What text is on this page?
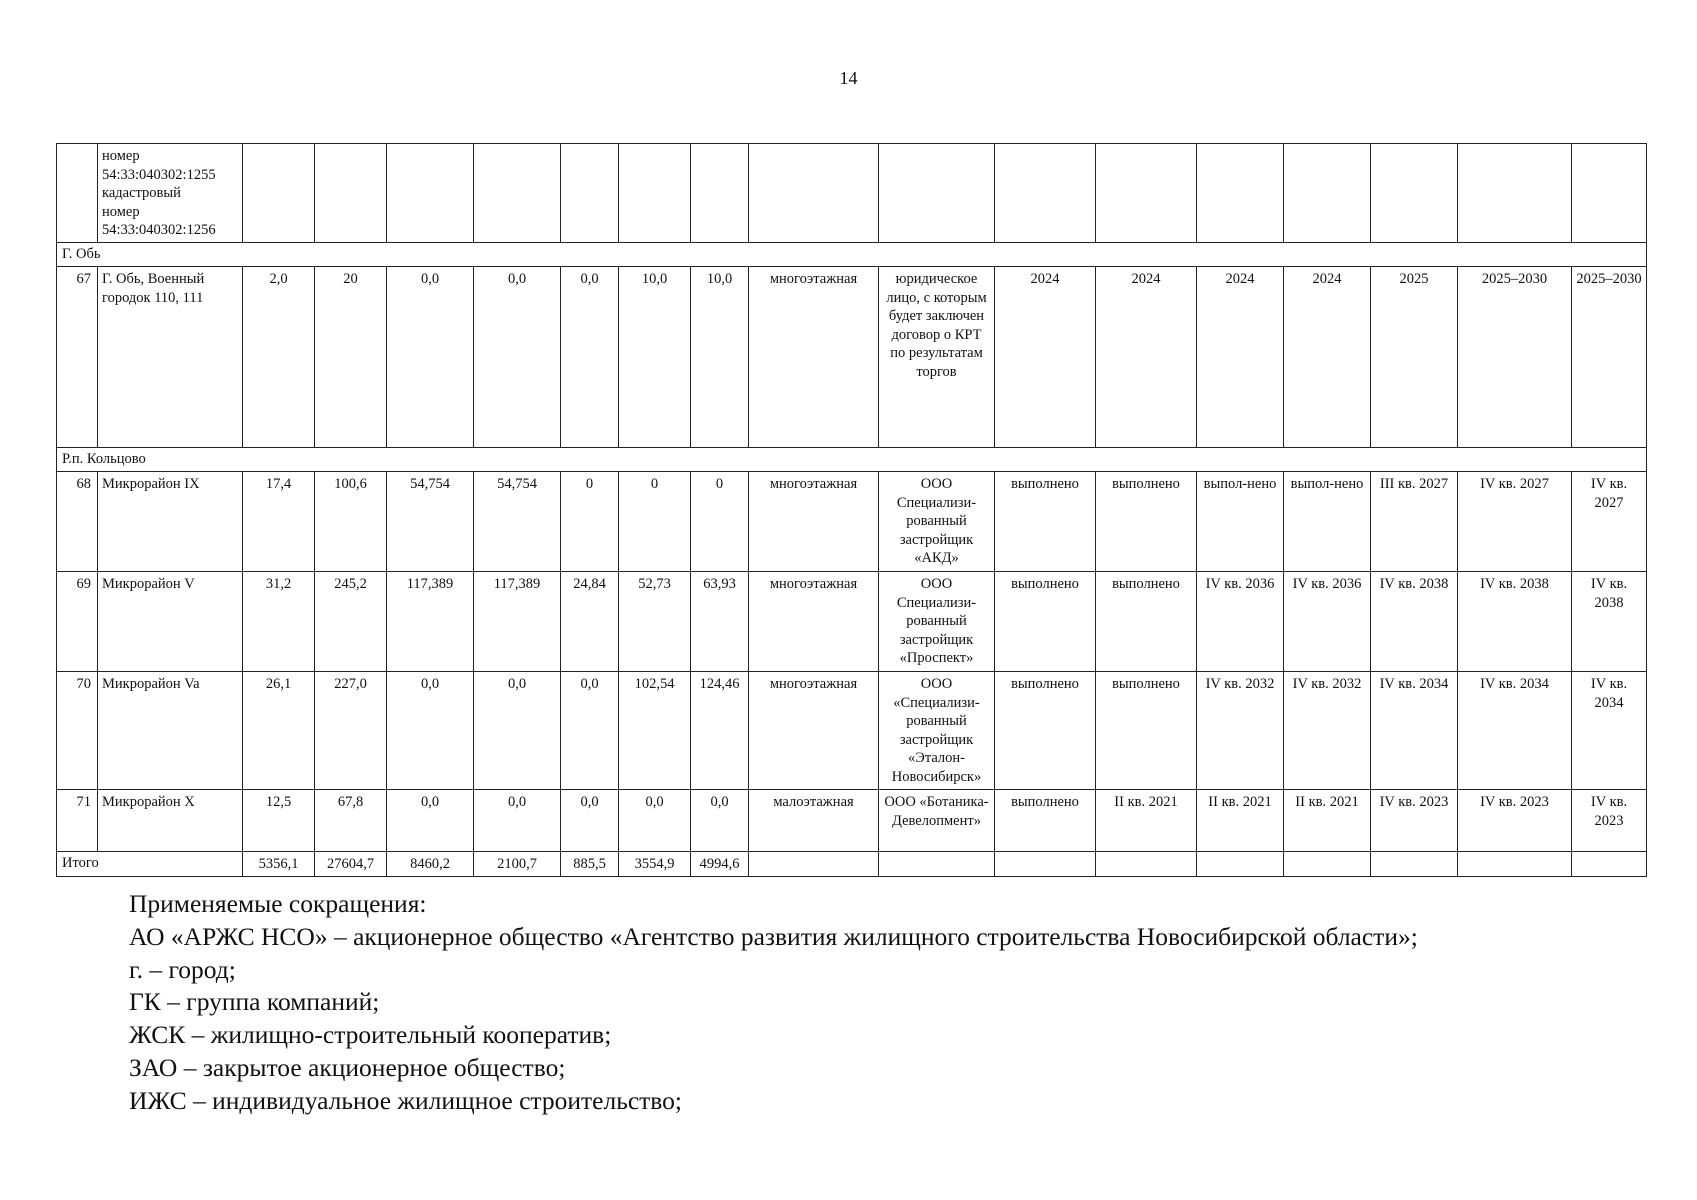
14

	номер
54:33:040302:1255
кадастровый
номер
54:33:040302:1256																

Г. Обь																	
67	Г. Обь, Военный городок 110, 111	2,0	20	0,0	0,0	0,0	10,0	10,0	многоэтажная	юридическое лицо, с которым будет заключен договор о КРТ по результатам торгов	2024	2024	2024	2024	2025	2025–2030	2025–2030
Р.п. Кольцово																	
68	Микрорайон IX	17,4	100,6	54,754	54,754	0	0	0	многоэтажная	ООО Специализи-рованный застройщик «АКД»	выполнено	выполнено	выпол-нено	выпол-нено	III кв. 2027	IV кв. 2027	IV кв. 2027
69	Микрорайон V	31,2	245,2	117,389	117,389	24,84	52,73	63,93	многоэтажная	ООО Специализи-рованный застройщик «Проспект»	выполнено	выполнено	IV кв. 2036	IV кв. 2036	IV кв. 2038	IV кв. 2038	IV кв. 2038
70	Микрорайон Va	26,1	227,0	0,0	0,0	0,0	102,54	124,46	многоэтажная	ООО «Специализи-рованный застройщик «Эталон-Новосибирск»	выполнено	выполнено	IV кв. 2032	IV кв. 2032	IV кв. 2034	IV кв. 2034	IV кв. 2034
71	Микрорайон X	12,5	67,8	0,0	0,0	0,0	0,0	0,0	малоэтажная	ООО «Ботаника-Девелопмент»	выполнено	II кв. 2021	II кв. 2021	II кв. 2021	IV кв. 2023	IV кв. 2023	IV кв. 2023
Итого		5356,1	27604,7	8460,2	2100,7	885,5	3554,9	4994,6									
Применяемые сокращения:
АО «АРЖС НСО» – акционерное общество «Агентство развития жилищного строительства Новосибирской области»;
г. – город;
ГК – группа компаний;
ЖСК – жилищно-строительный кооператив;
ЗАО – закрытое акционерное общество;
ИЖС – индивидуальное жилищное строительство;
